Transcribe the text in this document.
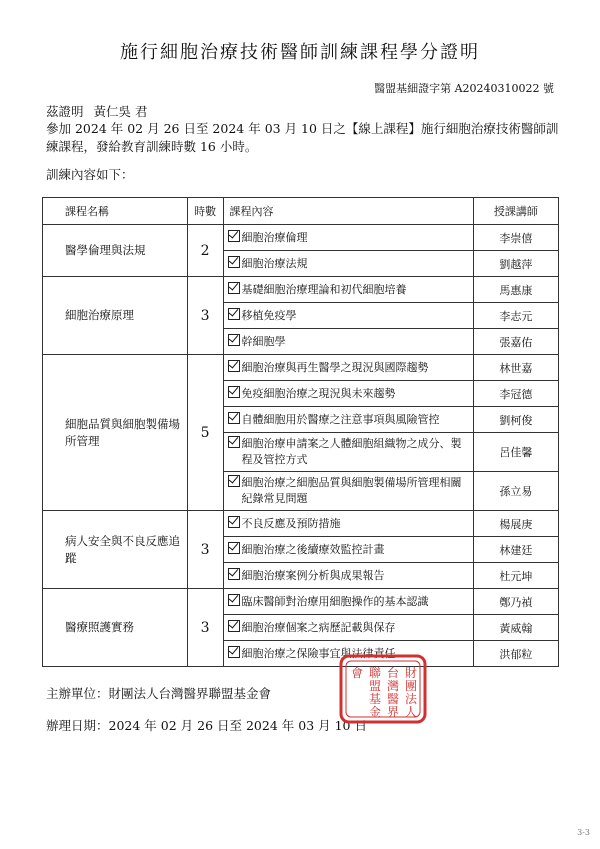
施行細胞治療技術醫師訓練課程學分證明
醫盟基細證字第 A20240310022 號
茲證明 黃仁吳 君
參加 2024 年 02 月 26 日至 2024 年 03 月 10 日之【線上課程】施行細胞治療技術醫師訓練課程，發給教育訓練時數 16 小時。
訓練內容如下：
課程名稱	時數	課程內容	授課講師
醫學倫理與法規	2	細胞治療倫理	李崇僖

		細胞治療法規	劉越萍
細胞治療原理	3	基礎細胞治療理論和初代細胞培養	馬惠康

		移植免疫學	李志元

		幹細胞學	張嘉佑
細胞品質與細胞製備場所管理	5	細胞治療與再生醫學之現況與國際趨勢	林世嘉

		免疫細胞治療之現況與未來趨勢	李冠德

		自體細胞用於醫療之注意事項與風險管控	劉柯俊

		細胞治療申請案之人體細胞組織物之成分、製程及管控方式	呂佳馨

		細胞治療之細胞品質與細胞製備場所管理相關紀錄常見問題	孫立易
病人安全與不良反應追蹤	3	不良反應及預防措施	楊展庚

		細胞治療之後續療效監控計畫	林建廷

		細胞治療案例分析與成果報告	杜元坤
醫療照護實務	3	臨床醫師對治療用細胞操作的基本認識	鄭乃禎

		細胞治療個案之病歷記載與保存	黃威翰

		細胞治療之保險事宜與法律責任	洪郁粒
主辦單位：財團法人台灣醫界聯盟基金會
辦理日期：2024 年 02 月 26 日至 2024 年 03 月 10 日
財
團
法
人
台
灣
醫
界
聯
盟
基
金
會
3-3
